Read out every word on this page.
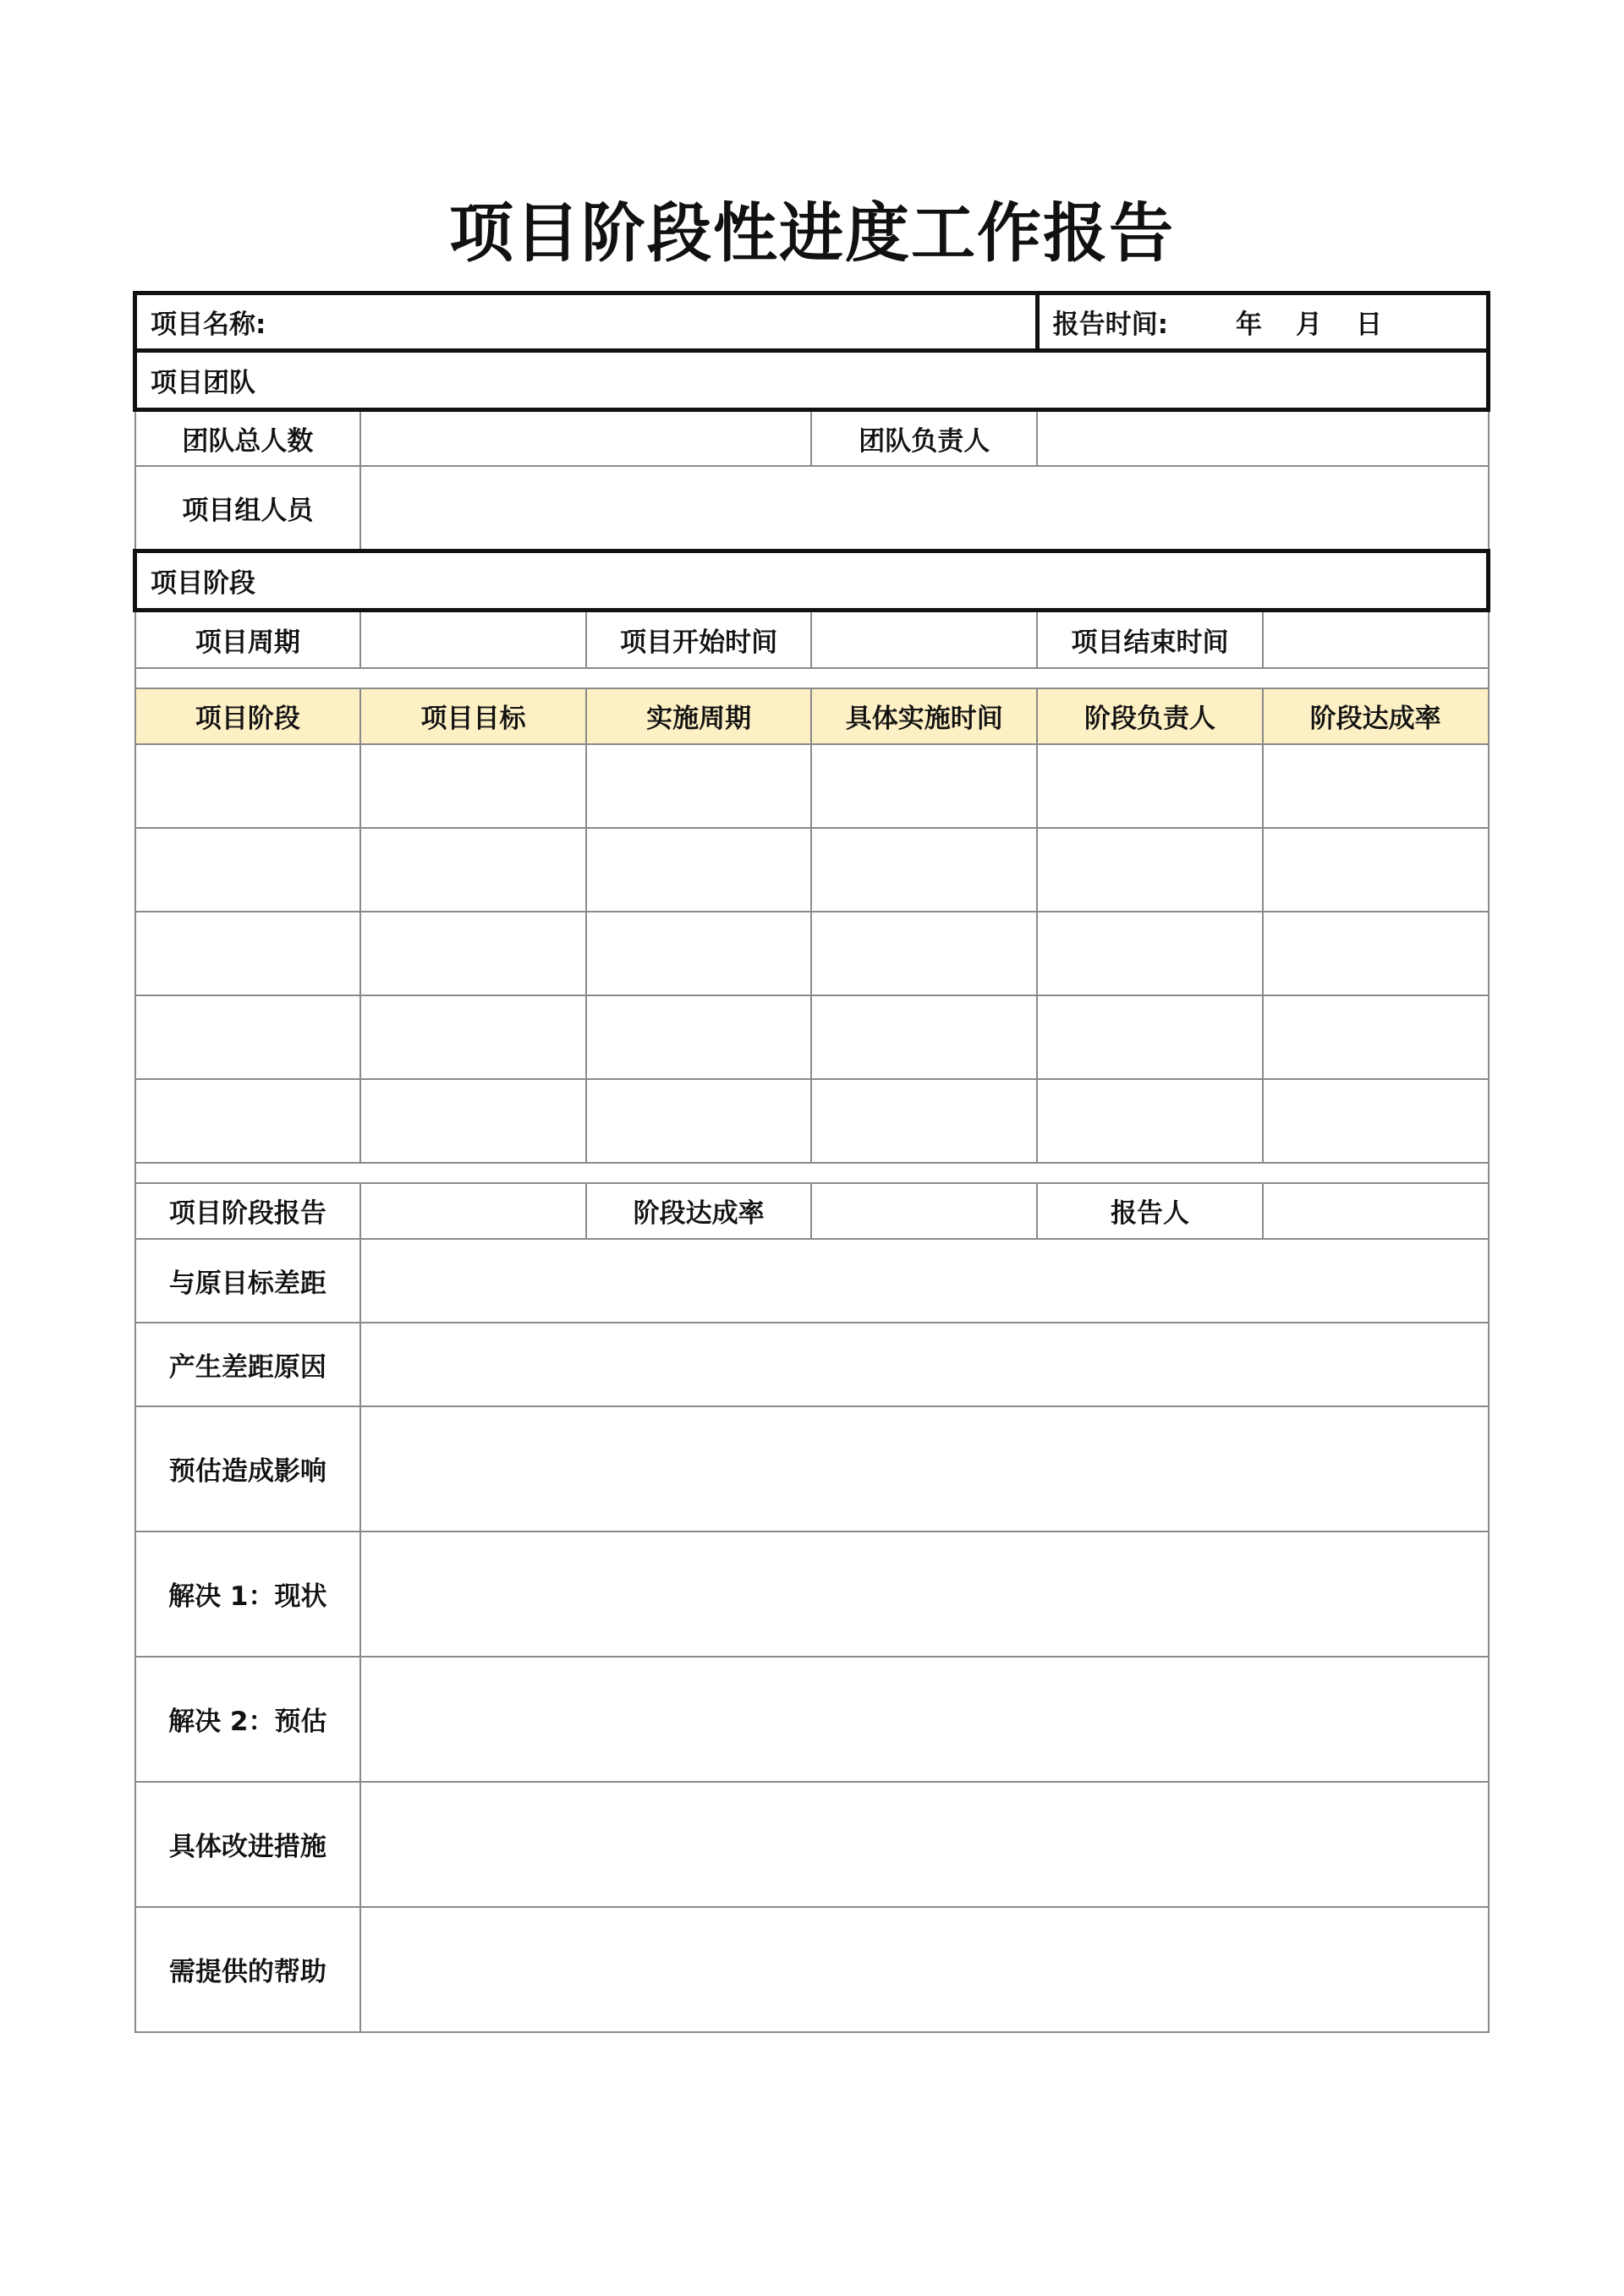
项目阶段性进度工作报告
项目名称:				报告时间: 年 月 日	
项目团队					
团队总人数			团队负责人		
项目组人员					
项目阶段					
项目周期		项目开始时间		项目结束时间	

项目阶段	项目目标	实施周期	具体实施时间	阶段负责人	阶段达成率

项目阶段报告		阶段达成率		报告人	
与原目标差距					
产生差距原因					
预估造成影响					
解决 1：现状					
解决 2：预估					
具体改进措施					
需提供的帮助					
